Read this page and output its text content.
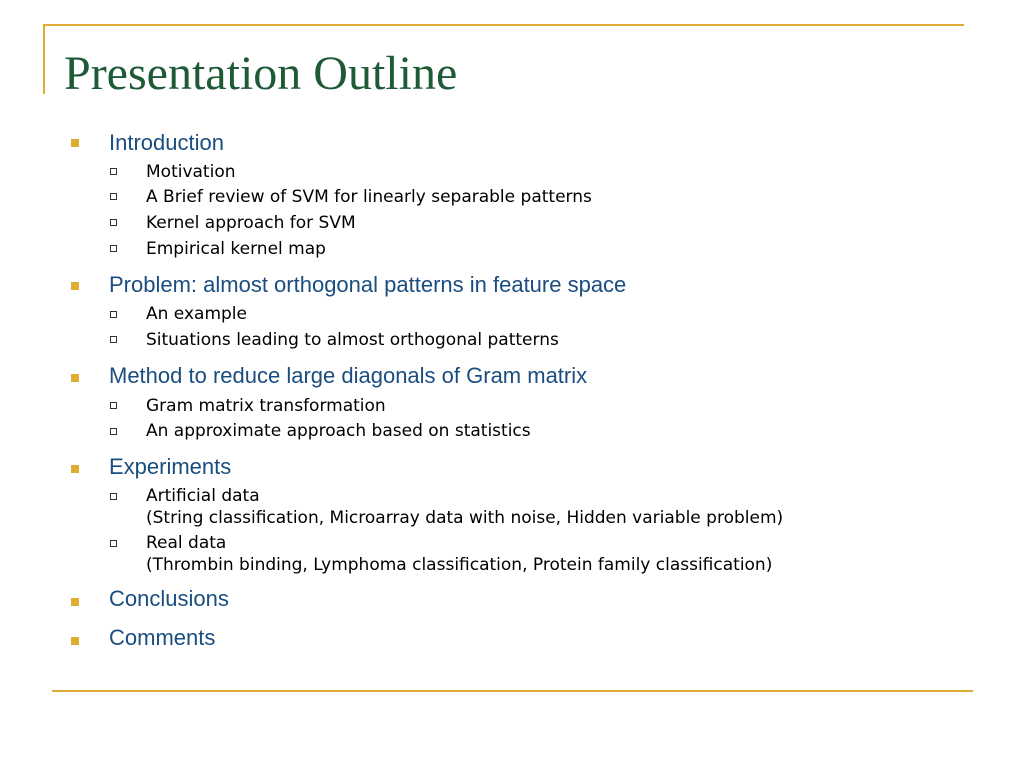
Presentation Outline
Introduction
Motivation
A Brief review of SVM for linearly separable patterns
Kernel approach for SVM
Empirical kernel map
Problem: almost orthogonal patterns in feature space
An example
Situations leading to almost orthogonal patterns
Method to reduce large diagonals of Gram matrix
Gram matrix transformation
An approximate approach based on statistics
Experiments
Artificial data
(String classification, Microarray data with noise, Hidden variable problem)
Real data
(Thrombin binding, Lymphoma classification, Protein family classification)
Conclusions
Comments
